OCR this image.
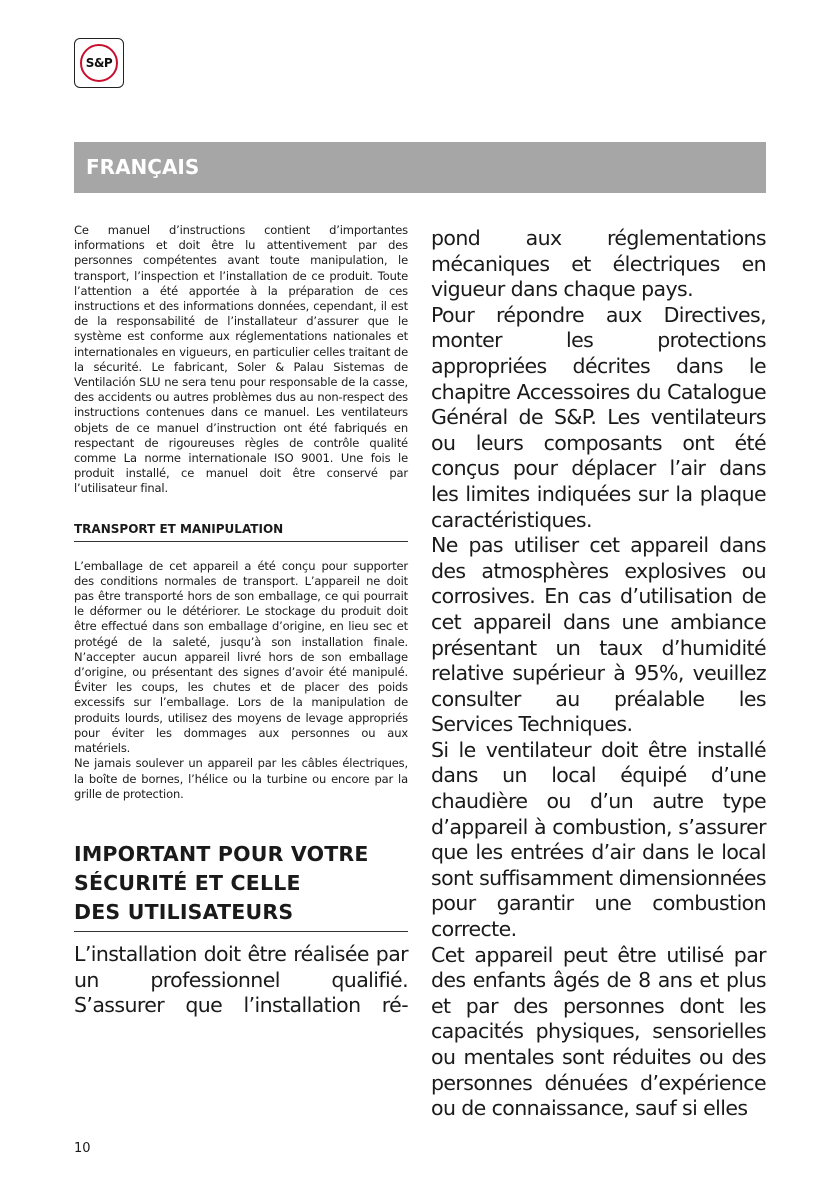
S&P
FRANÇAIS

Ce manuel d’instructions contient d’importantes informations et doit être lu attentivement par des personnes compétentes avant toute manipulation, le transport, l’inspection et l’installation de ce produit. Toute l’attention a été apportée à la préparation de ces instructions et des informations données, cependant, il est de la responsabilité de l’installateur d’assurer que le système est conforme aux réglementations nationales et internationales en vigueurs, en particulier celles traitant de la sécurité. Le fabricant, Soler & Palau Sistemas de Ventilación SLU ne sera tenu pour responsable de la casse, des accidents ou autres problèmes dus au non-respect des instructions contenues dans ce manuel. Les ventilateurs objets de ce manuel d’instruction ont été fabriqués en respectant de rigoureuses règles de contrôle qualité comme La norme internationale ISO 9001. Une fois le produit installé, ce manuel doit être conservé par l’utilisateur final.

TRANSPORT ET MANIPULATION

L’emballage de cet appareil a été conçu pour supporter des conditions normales de transport. L’appareil ne doit pas être transporté hors de son emballage, ce qui pourrait le déformer ou le détériorer. Le stockage du produit doit être effectué dans son emballage d’origine, en lieu sec et protégé de la saleté, jusqu’à son installation finale. N’accepter aucun appareil livré hors de son emballage d’origine, ou présentant des signes d’avoir été manipulé. Éviter les coups, les chutes et de placer des poids excessifs sur l’emballage. Lors de la manipulation de produits lourds, utilisez des moyens de levage appropriés pour éviter les dommages aux personnes ou aux matériels.

Ne jamais soulever un appareil par les câbles électriques, la boîte de bornes, l’hélice ou la turbine ou encore par la grille de protection.

IMPORTANT POUR VOTRE
SÉCURITÉ ET CELLE
DES UTILISATEURS

L’installation doit être réalisée par un professionnel qualifié. S’assurer que l’installation ré-

pond aux réglementations mécaniques et électriques en vigueur dans chaque pays.

Pour répondre aux Directives, monter les protections appropriées décrites dans le chapitre Accessoires du Catalogue Général de S&P. Les ventilateurs ou leurs composants ont été conçus pour déplacer l’air dans les limites indiquées sur la plaque caractéristiques.

Ne pas utiliser cet appareil dans des atmosphères explosives ou corrosives. En cas d’utilisation de cet appareil dans une ambiance présentant un taux d’humidité relative supérieur à 95%, veuillez consulter au préalable les Services Techniques.

Si le ventilateur doit être installé dans un local équipé d’une chaudière ou d’un autre type d’appareil à combustion, s’assurer que les entrées d’air dans le local sont suffisamment dimensionnées pour garantir une combustion correcte.

Cet appareil peut être utilisé par des enfants âgés de 8 ans et plus et par des personnes dont les capacités physiques, sensorielles ou mentales sont réduites ou des personnes dénuées d’expérience ou de connaissance, sauf si elles

10
